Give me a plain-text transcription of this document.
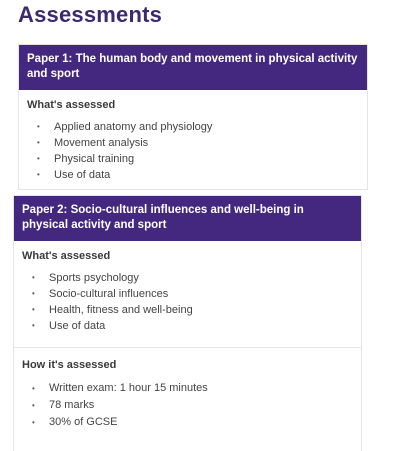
Assessments
Paper 1: The human body and movement in physical activity and sport

What's assessed

• Applied anatomy and physiology
• Movement analysis
• Physical training
• Use of data
Paper 2: Socio-cultural influences and well-being in physical activity and sport

What's assessed

• Sports psychology
• Socio-cultural influences
• Health, fitness and well-being
• Use of data

How it's assessed

• Written exam: 1 hour 15 minutes
• 78 marks
• 30% of GCSE
